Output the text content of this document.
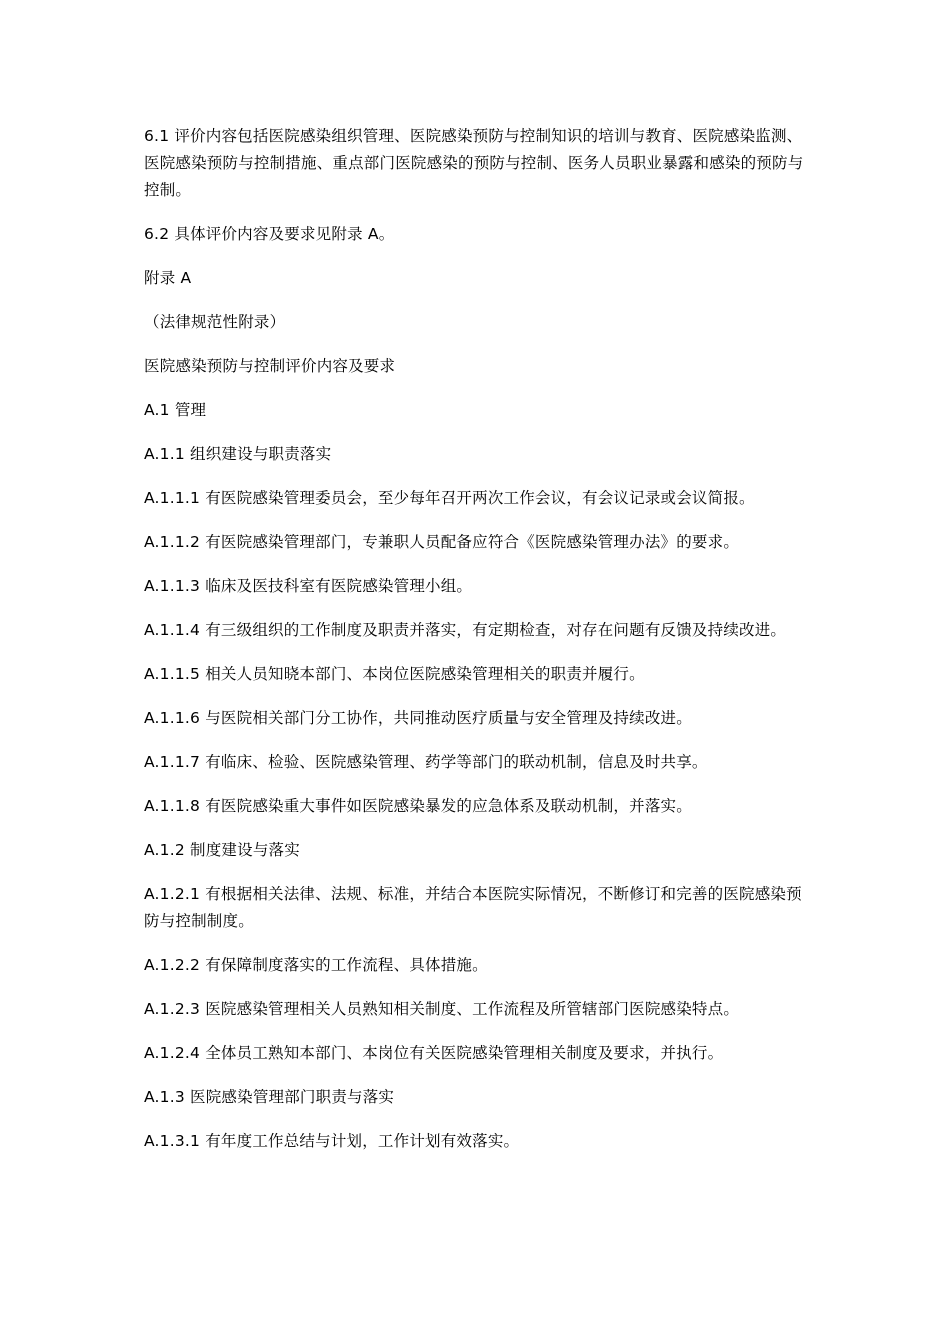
6.1 评价内容包括医院感染组织管理、医院感染预防与控制知识的培训与教育、医院感染监测、医院感染预防与控制措施、重点部门医院感染的预防与控制、医务人员职业暴露和感染的预防与控制。

6.2 具体评价内容及要求见附录 A。

附录 A

（法律规范性附录）

医院感染预防与控制评价内容及要求

A.1 管理

A.1.1 组织建设与职责落实

A.1.1.1 有医院感染管理委员会，至少每年召开两次工作会议，有会议记录或会议简报。

A.1.1.2 有医院感染管理部门，专兼职人员配备应符合《医院感染管理办法》的要求。

A.1.1.3 临床及医技科室有医院感染管理小组。

A.1.1.4 有三级组织的工作制度及职责并落实，有定期检查，对存在问题有反馈及持续改进。

A.1.1.5 相关人员知晓本部门、本岗位医院感染管理相关的职责并履行。

A.1.1.6 与医院相关部门分工协作，共同推动医疗质量与安全管理及持续改进。

A.1.1.7 有临床、检验、医院感染管理、药学等部门的联动机制，信息及时共享。

A.1.1.8 有医院感染重大事件如医院感染暴发的应急体系及联动机制，并落实。

A.1.2 制度建设与落实

A.1.2.1 有根据相关法律、法规、标准，并结合本医院实际情况，不断修订和完善的医院感染预防与控制制度。

A.1.2.2 有保障制度落实的工作流程、具体措施。

A.1.2.3 医院感染管理相关人员熟知相关制度、工作流程及所管辖部门医院感染特点。

A.1.2.4 全体员工熟知本部门、本岗位有关医院感染管理相关制度及要求，并执行。

A.1.3 医院感染管理部门职责与落实

A.1.3.1 有年度工作总结与计划，工作计划有效落实。
